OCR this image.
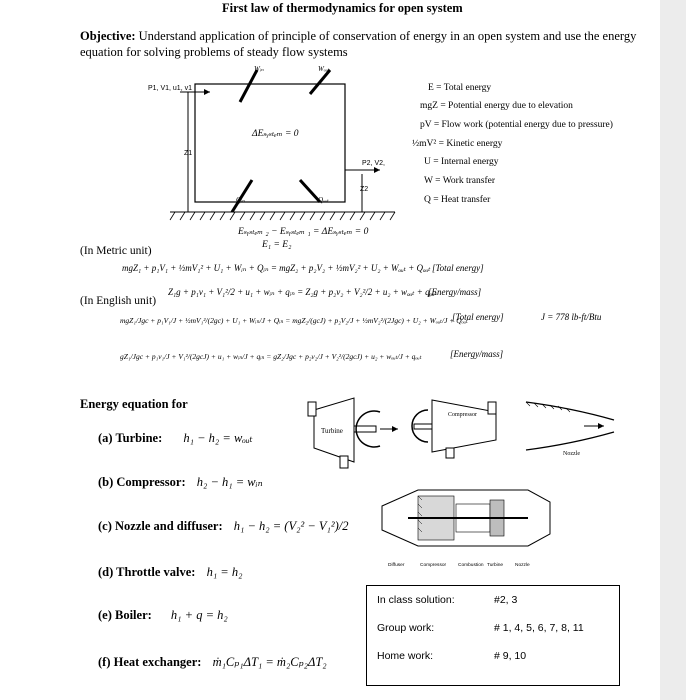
First law of thermodynamics for open system
Objective: Understand application of principle of conservation of energy in an open system and use the energy equation for solving problems of steady flow systems
P1, V1, u1, v1
P2, V2,
Z1
Z2
Wᵢₙ	Wₒᵤₜ
Qᵢₙ	Qₒᵤₜ
ΔEₛᵧₛₜₑₘ = 0
E = Total energy
mgZ = Potential energy due to elevation
pV = Flow work (potential energy due to pressure)
½mV² = Kinetic energy
U = Internal energy
W = Work transfer
Q = Heat transfer
Eₛᵧₛₜₑₘ ₂ − Eₛᵧₛₜₑₘ ₁ = ΔEₛᵧₛₜₑₘ = 0
E₁ = E₂
(In Metric unit)
mgZ₁ + p₁V₁ + ½mV₁² + U₁ + Wᵢₙ + Qᵢₙ = mgZ₂ + p₂V₂ + ½mV₂² + U₂ + Wₒᵤₜ + Qₒᵤₜ [Total energy]
Z₁g + p₁v₁ + V₁²/2 + u₁ + wᵢₙ + qᵢₙ = Z₂g + p₂v₂ + V₂²/2 + u₂ + wₒᵤₜ + qₒᵤₜ
[Energy/mass]
(In English unit)
mgZ₁/Jgc + p₁V₁/J + ½mV₁²/(2gc) + U₁ + Wᵢₙ/J + Qᵢₙ = mgZ₂/(gcJ) + p₂V₂/J + ½mV₂²/(2Jgc) + U₂ + Wₒᵤₜ/J + Qₒᵤₜ
[Total energy]	J = 778 lb-ft/Btu
gZ₁/Jgc + p₁v₁/J + V₁²/(2gcJ) + u₁ + wᵢₙ/J + qᵢₙ = gZ₂/Jgc + p₂v₂/J + V₂²/(2gcJ) + u₂ + wₒᵤₜ/J + qₒᵤₜ	[Energy/mass]
Energy equation for
(a) Turbine: h₁ − h₂ = wₒᵤₜ
(b) Compressor: h₂ − h₁ = wᵢₙ
(c) Nozzle and diffuser: h₁ − h₂ = (V₂² − V₁²)/2
(d) Throttle valve: h₁ = h₂
(e) Boiler: h₁ + q = h₂
(f) Heat exchanger: ṁ₁Cₚ₁ΔT₁ = ṁ₂Cₚ₂ΔT₂
Turbine
Compressor
Nozzle
Diffuser	Compressor Combustion Turbine Nozzle
In class solution:	#2, 3
Group work:	# 1, 4, 5, 6, 7, 8, 11
Home work:	# 9, 10
